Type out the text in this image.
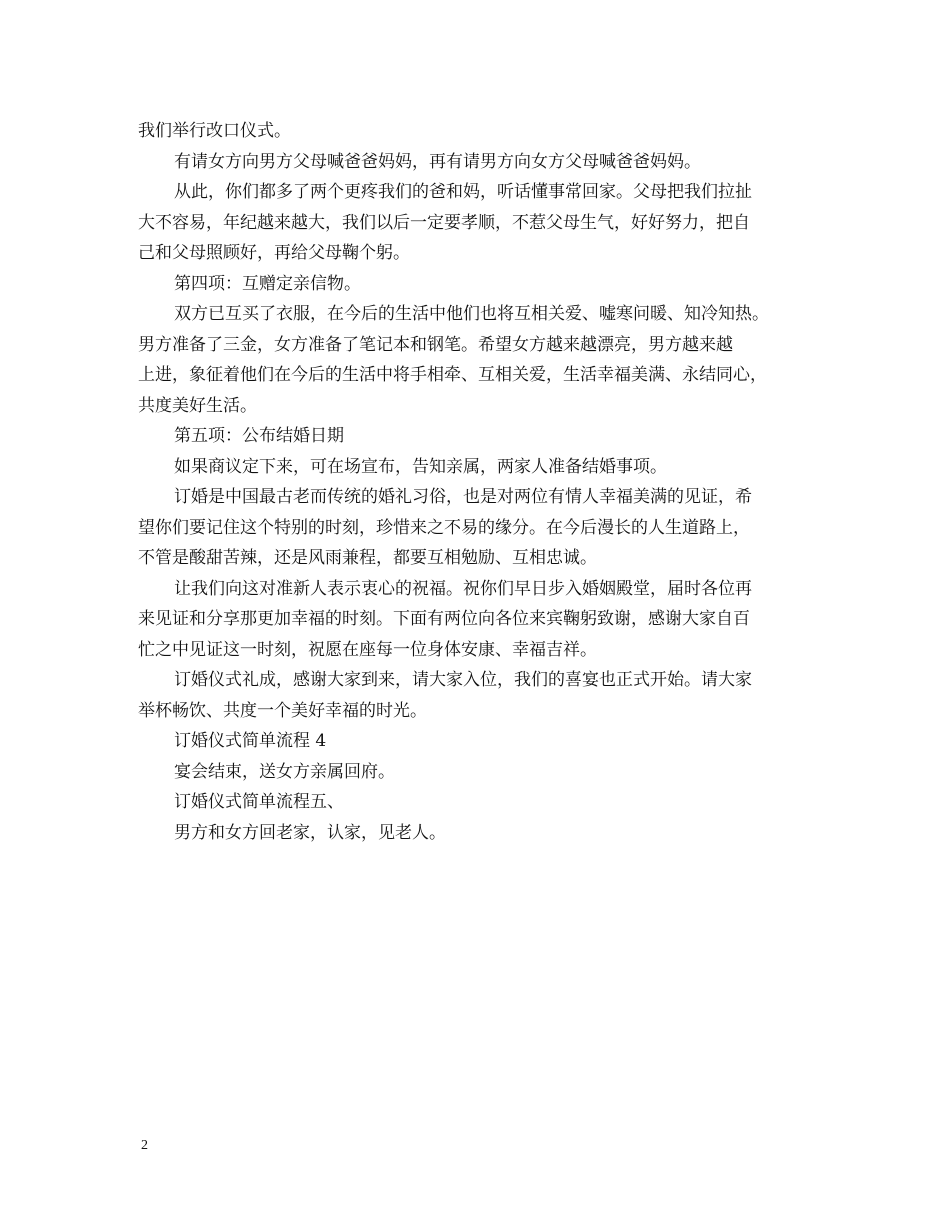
我们举行改口仪式。

有请女方向男方父母喊爸爸妈妈，再有请男方向女方父母喊爸爸妈妈。

从此，你们都多了两个更疼我们的爸和妈，听话懂事常回家。父母把我们拉扯
大不容易，年纪越来越大，我们以后一定要孝顺，不惹父母生气，好好努力，把自
己和父母照顾好，再给父母鞠个躬。

第四项：互赠定亲信物。

双方已互买了衣服，在今后的生活中他们也将互相关爱、嘘寒问暖、知冷知热。
男方准备了三金，女方准备了笔记本和钢笔。希望女方越来越漂亮，男方越来越
上进，象征着他们在今后的生活中将手相牵、互相关爱，生活幸福美满、永结同心，
共度美好生活。

第五项：公布结婚日期

如果商议定下来，可在场宣布，告知亲属，两家人准备结婚事项。

订婚是中国最古老而传统的婚礼习俗，也是对两位有情人幸福美满的见证，希
望你们要记住这个特别的时刻，珍惜来之不易的缘分。在今后漫长的人生道路上，
不管是酸甜苦辣，还是风雨兼程，都要互相勉励、互相忠诚。

让我们向这对准新人表示衷心的祝福。祝你们早日步入婚姻殿堂，届时各位再
来见证和分享那更加幸福的时刻。下面有两位向各位来宾鞠躬致谢，感谢大家自百
忙之中见证这一时刻，祝愿在座每一位身体安康、幸福吉祥。

订婚仪式礼成，感谢大家到来，请大家入位，我们的喜宴也正式开始。请大家
举杯畅饮、共度一个美好幸福的时光。

订婚仪式简单流程 4

宴会结束，送女方亲属回府。

订婚仪式简单流程五、

男方和女方回老家，认家，见老人。

2
